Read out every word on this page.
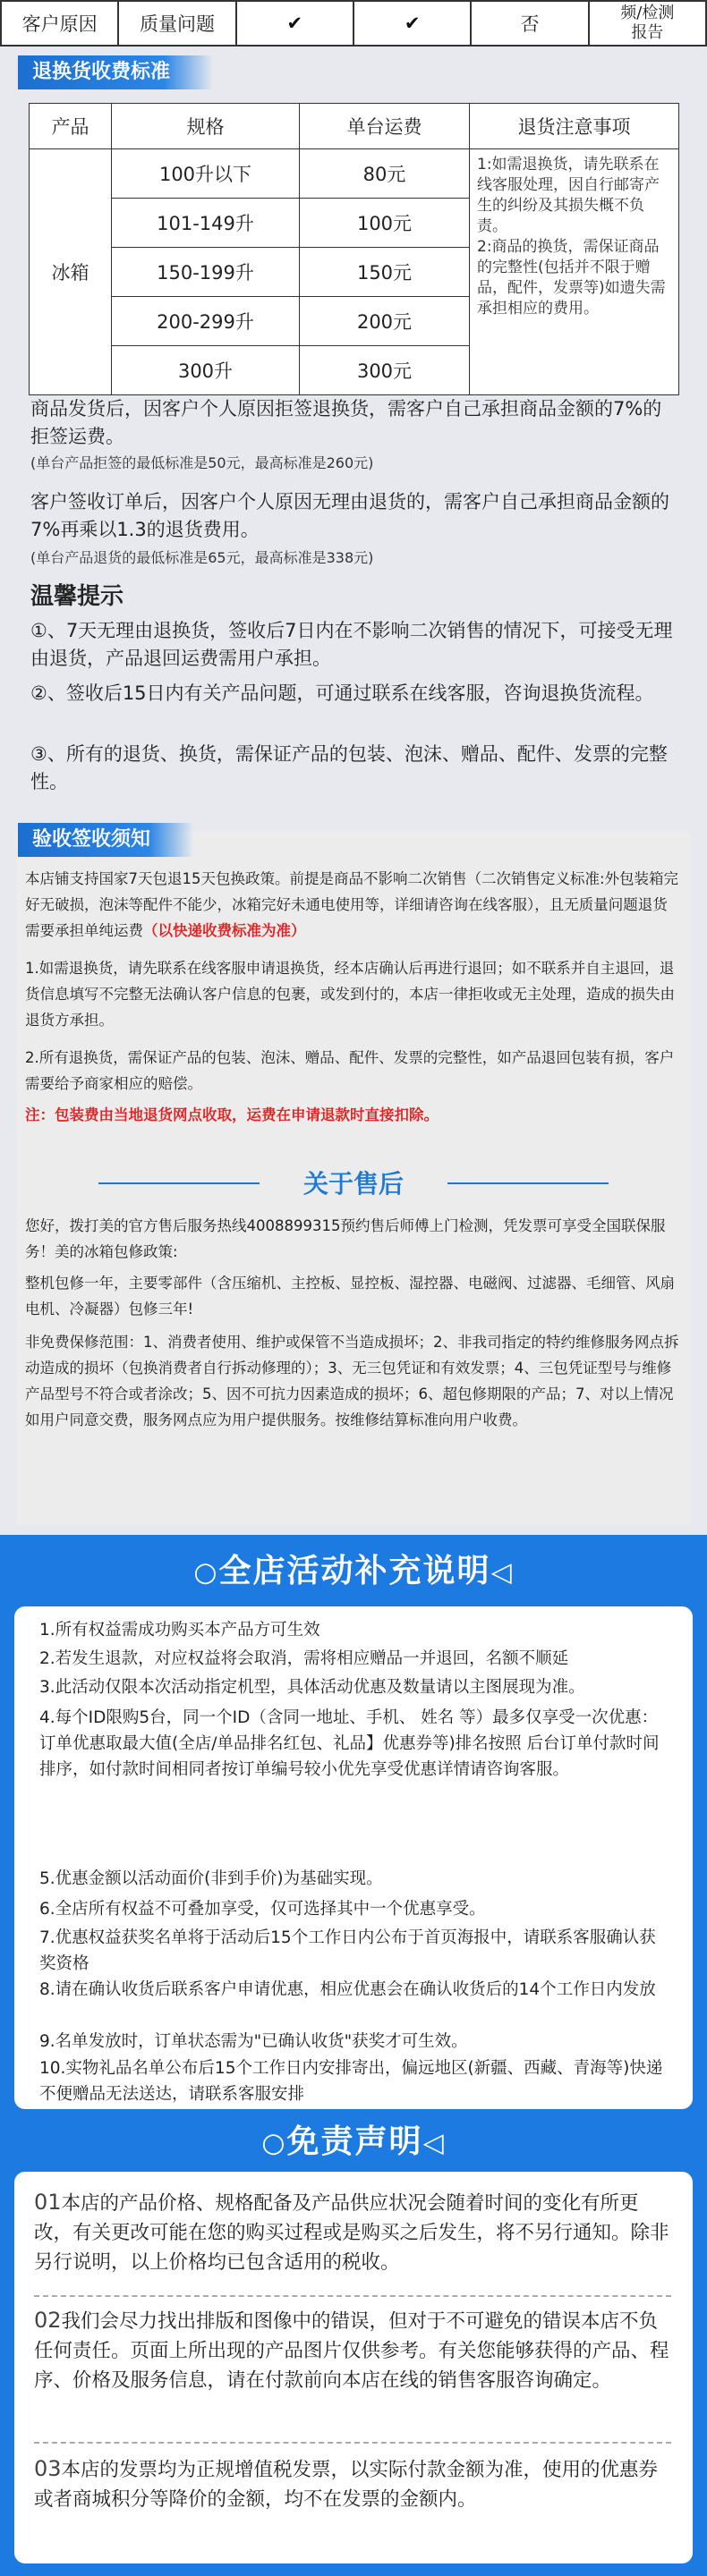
客户原因	质量问题	✔	✔	否	频/检测
报告
退换货收费标准
产品	规格	单台运费	退货注意事项
冰箱	100升以下	80元	1:如需退换货，请先联系在线客服处理，因自行邮寄产生的纠纷及其损失概不负责。
2:商品的换货，需保证商品的完整性(包括并不限于赠品，配件，发票等)如遗失需承担相应的费用。
	101-149升	100元	
	150-199升	150元	
	200-299升	200元	
	300升	300元	
商品发货后，因客户个人原因拒签退换货，需客户自己承担商品金额的7%的拒签运费。
(单台产品拒签的最低标准是50元，最高标准是260元)
客户签收订单后，因客户个人原因无理由退货的，需客户自己承担商品金额的7%再乘以1.3的退货费用。
(单台产品退货的最低标准是65元，最高标准是338元)
温馨提示
①、7天无理由退换货，签收后7日内在不影响二次销售的情况下，可接受无理由退货，产品退回运费需用户承担。
②、签收后15日内有关产品问题，可通过联系在线客服，咨询退换货流程。
③、所有的退货、换货，需保证产品的包装、泡沫、赠品、配件、发票的完整性。
验收签收须知
本店铺支持国家7天包退15天包换政策。前提是商品不影响二次销售（二次销售定义标准:外包装箱完好无破损，泡沫等配件不能少，冰箱完好未通电使用等，详细请咨询在线客服），且无质量问题退货需要承担单纯运费（以快递收费标准为准）
1.如需退换货，请先联系在线客服申请退换货，经本店确认后再进行退回；如不联系并自主退回，退货信息填写不完整无法确认客户信息的包裹，或发到付的，本店一律拒收或无主处理，造成的损失由退货方承担。
2.所有退换货，需保证产品的包装、泡沫、赠品、配件、发票的完整性，如产品退回包装有损，客户需要给予商家相应的赔偿。
注：包装费由当地退货网点收取，运费在申请退款时直接扣除。
关于售后
您好，拨打美的官方售后服务热线4008899315预约售后师傅上门检测，凭发票可享受全国联保服务！美的冰箱包修政策:
整机包修一年，主要零部件（含压缩机、主控板、显控板、湿控器、电磁阀、过滤器、毛细管、风扇电机、冷凝器）包修三年!
非免费保修范围：1、消费者使用、维护或保管不当造成损坏；2、非我司指定的特约维修服务网点拆动造成的损坏（包换消费者自行拆动修理的）；3、无三包凭证和有效发票；4、三包凭证型号与维修产品型号不符合或者涂改；5、因不可抗力因素造成的损坏；6、超包修期限的产品；7、对以上情况如用户同意交费，服务网点应为用户提供服务。按维修结算标准向用户收费。
○全店活动补充说明◁
1.所有权益需成功购买本产品方可生效
2.若发生退款，对应权益将会取消，需将相应赠品一并退回，名额不顺延
3.此活动仅限本次活动指定机型，具体活动优惠及数量请以主图展现为准。
4.每个ID限购5台，同一个ID（含同一地址、手机、 姓名 等）最多仅享受一次优惠：订单优惠取最大值(全店/单品排名红包、礼品】优惠券等)排名按照 后台订单付款时间排序，如付款时间相同者按订单编号较小优先享受优惠详情请咨询客服。
5.优惠金额以活动面价(非到手价)为基础实现。
6.全店所有权益不可叠加享受，仅可选择其中一个优惠享受。
7.优惠权益获奖名单将于活动后15个工作日内公布于首页海报中，请联系客服确认获奖资格
8.请在确认收货后联系客户申请优惠，相应优惠会在确认收货后的14个工作日内发放
9.名单发放时，订单状态需为"已确认收货"获奖才可生效。
10.实物礼品名单公布后15个工作日内安排寄出，偏远地区(新疆、西藏、青海等)快递不便赠品无法送达，请联系客服安排
○免责声明◁
01本店的产品价格、规格配备及产品供应状况会随着时间的变化有所更改，有关更改可能在您的购买过程或是购买之后发生，将不另行通知。除非另行说明，以上价格均已包含适用的税收。
02我们会尽力找出排版和图像中的错误，但对于不可避免的错误本店不负任何责任。页面上所出现的产品图片仅供参考。有关您能够获得的产品、程序、价格及服务信息，请在付款前向本店在线的销售客服咨询确定。
03本店的发票均为正规增值税发票，以实际付款金额为准，使用的优惠券或者商城积分等降价的金额，均不在发票的金额内。
